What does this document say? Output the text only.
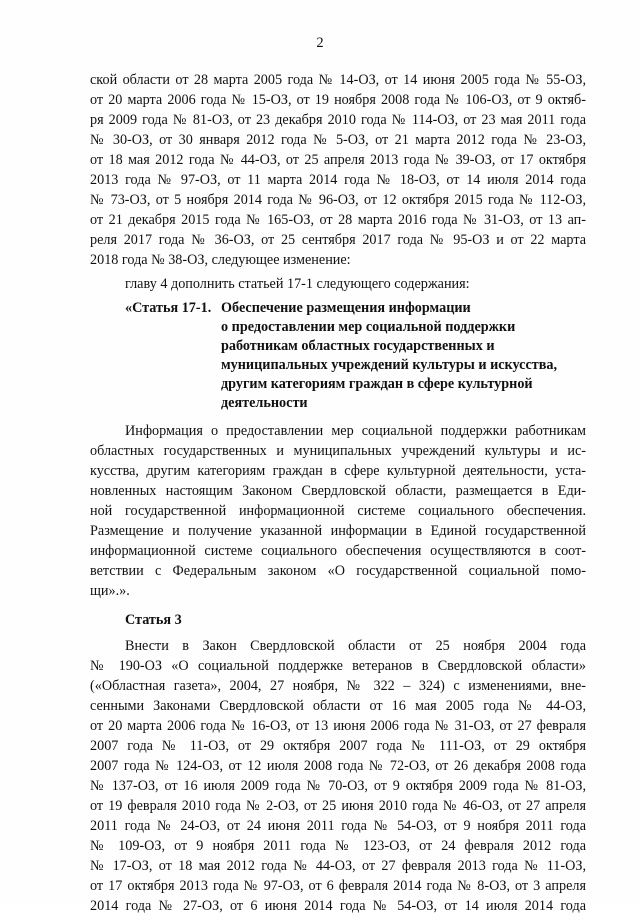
2
ской области от 28 марта 2005 года № 14-ОЗ, от 14 июня 2005 года № 55-ОЗ,
от 20 марта 2006 года № 15-ОЗ, от 19 ноября 2008 года № 106-ОЗ, от 9 октяб-
ря 2009 года № 81-ОЗ, от 23 декабря 2010 года № 114-ОЗ, от 23 мая 2011 года
№ 30-ОЗ, от 30 января 2012 года № 5-ОЗ, от 21 марта 2012 года № 23-ОЗ,
от 18 мая 2012 года № 44-ОЗ, от 25 апреля 2013 года № 39-ОЗ, от 17 октября
2013 года № 97-ОЗ, от 11 марта 2014 года № 18-ОЗ, от 14 июля 2014 года
№ 73-ОЗ, от 5 ноября 2014 года № 96-ОЗ, от 12 октября 2015 года № 112-ОЗ,
от 21 декабря 2015 года № 165-ОЗ, от 28 марта 2016 года № 31-ОЗ, от 13 ап-
реля 2017 года № 36-ОЗ, от 25 сентября 2017 года № 95-ОЗ и от 22 марта
2018 года № 38-ОЗ, следующее изменение:
главу 4 дополнить статьей 17-1 следующего содержания:
«Статья 17-1. Обеспечение размещения информации
о предоставлении мер социальной поддержки
работникам областных государственных и
муниципальных учреждений культуры и искусства,
другим категориям граждан в сфере культурной
деятельности
Информация о предоставлении мер социальной поддержки работникам
областных государственных и муниципальных учреждений культуры и ис-
кусства, другим категориям граждан в сфере культурной деятельности, уста-
новленных настоящим Законом Свердловской области, размещается в Еди-
ной государственной информационной системе социального обеспечения.
Размещение и получение указанной информации в Единой государственной
информационной системе социального обеспечения осуществляются в соот-
ветствии с Федеральным законом «О государственной социальной помо-
щи».».
Статья 3
Внести в Закон Свердловской области от 25 ноября 2004 года
№ 190-ОЗ «О социальной поддержке ветеранов в Свердловской области»
(«Областная газета», 2004, 27 ноября, № 322 – 324) с изменениями, вне-
сенными Законами Свердловской области от 16 мая 2005 года № 44-ОЗ,
от 20 марта 2006 года № 16-ОЗ, от 13 июня 2006 года № 31-ОЗ, от 27 февраля
2007 года № 11-ОЗ, от 29 октября 2007 года № 111-ОЗ, от 29 октября
2007 года № 124-ОЗ, от 12 июля 2008 года № 72-ОЗ, от 26 декабря 2008 года
№ 137-ОЗ, от 16 июля 2009 года № 70-ОЗ, от 9 октября 2009 года № 81-ОЗ,
от 19 февраля 2010 года № 2-ОЗ, от 25 июня 2010 года № 46-ОЗ, от 27 апреля
2011 года № 24-ОЗ, от 24 июня 2011 года № 54-ОЗ, от 9 ноября 2011 года
№ 109-ОЗ, от 9 ноября 2011 года № 123-ОЗ, от 24 февраля 2012 года
№ 17-ОЗ, от 18 мая 2012 года № 44-ОЗ, от 27 февраля 2013 года № 11-ОЗ,
от 17 октября 2013 года № 97-ОЗ, от 6 февраля 2014 года № 8-ОЗ, от 3 апреля
2014 года № 27-ОЗ, от 6 июня 2014 года № 54-ОЗ, от 14 июля 2014 года
